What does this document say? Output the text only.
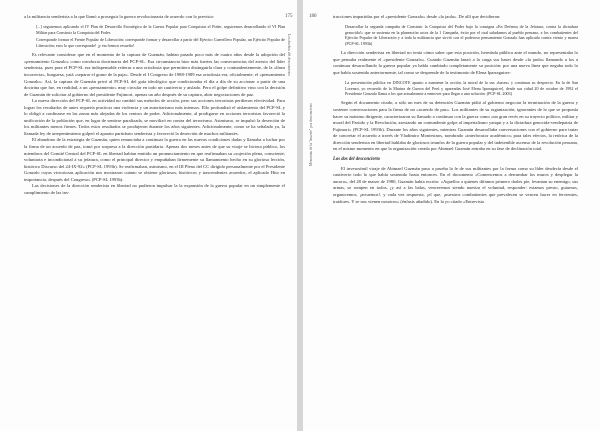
a la militancia senderista a la que llamó a proseguir la guerra revolucionaria de acuerdo con lo previsto:

[...] seguiremos aplicando el IV Plan de Desarrollo Estratégico de la Guerra Popular para Conquistar el Poder, seguiremos desarrollando el VI Plan Militar para Construir la Conquista del Poder.

Corresponde formar el Frente Popular de Liberación; corresponde formar y desarrollar a partir del Ejército Guerrillero Popular, un Ejército Popular de Liberación; esos lo que corresponde! ¡y eso hemos resuelto!

Es relevante considerar que en el momento de la captura de Guzmán, habían pasado poco más de cuatro años desde la adopción del «pensamiento Gonzalo» como ortodoxia doctrinaria del PCP-SL. Esa circunstancia hizo más fuertes las consecuencias del arresto del líder senderista, pues para el PCP-SL era indispensable reiterar a una ortodoxia que permitiera distinguirla clara y contundentemente, de la «línea incorrecta», burguesa, yaiá «separar el grano de la paja». Desde el I Congreso de 1988-1989 esa ortodoxia era, oficialmente, el «pensamiento Gonzalo». Así, la captura de Guzmán privó al PCP-SL del guía ideológico que condicionaba el día a día de su accionar a partir de una doctrina que fue, en realidad, a un «pensamiento» muy circular en todo un cautiverio y aislado. Pero el golpe definitivo vino con la decisión de Guzmán de solicitar al gobierno del presidente Fujimori, apenas un año después de su captura, abrir negociaciones de paz.

La nueva dirección del PCP-SL en actividad no cambió sus métodos de acción, pero sus acciones terroristas perdieron efectividad. Para lograr los resultados de antes requería practicar una violencia y un autoritarismo más intensos. Ello profundizó el aislamiento del PCP-SL y lo obligó a confinarse en las zonas más alejadas de los centros de poder. Adicionalmente, al prodigarse en acciones terroristas favoreció la unificación de la población que, en lugar de sentirse paralizada, se movilizó en contra del terrorismo. Asimismo, se impulsó la deserción de los militantes menos firmes. Todos estos resultados se produjeron durante los años siguientes. Adicionalmente, como se ha señalado ya, la llamada ley de arrepentimiento golpeó el aparato partidario senderista y favoreció la deserción de muchos militantes.

El abandono de la estrategia de Guzmán, quien renunciaba a continuar la guerra en las nuevas condiciones dadas y llamaba a luchar por la firma de un acuerdo de paz, tomó por sorpresa a la dirección partidaria. Apenas dos meses antes de que su viraje se hiciera público, los miembros del Comité Central del PCP-SL en libertad habían emitido un pronunciamiento en que reafirmaban su «sujeción plena, consciente, voluntaria e incondicional a su jefatura, como el principal director y empuñaban firmemente su llamamiento hecho en su gloriosa lección, histórico Discurso del 24-IX-92» (PCP-SL 1993b). Se reafirmaban, asimismo, en el III Pleno del CC dirigido personalmente por el Presidente Gonzalo cuyas victoriosas aplicación nos mostraron cuánto se obtiene gloriosos, históricos y trascendentes acuerdos, el aplicado Hito en importancia, después del Congreso» (PCP-SL 1993b).

Las decisiones de la dirección senderista en libertad no pudieron impulsar la la expansión de la guerra popular en un simplemente el cumplimiento de las ins-

trucciones impartidas por el «presidente Gonzalo» desde «la jaula». De allí que decidieran:

Desarrollar la segunda campaña de Construir la Conquista del Poder bajo la consigna «En Defensa de la Jefatura, contra la dictadura genocida!» que se sustenta en la planeación actos de la 1 Campaña, éxito por el cual saludamos al pueblo peruano, a los combatientes del Ejército Popular de Liberación y a toda la militancia que sirvió con el poderoso pensamiento Gonzalo han aplicado contra viento y marea (PCP-SL 1993b)

La dirección senderista en libertad no tenía cómo saber que esta posición, heredada pública ante el mundo, no representaba lo que pensaba realmente el «presidente Gonzalo». Cuando Guzmán lanzó a la carga sus bases desde «la jaula» llamando a los a continuar desarrollando la guerra popular ya habla cambiado completamente su posición: por una nueva línea que negaba todo lo que había sostenido anteriormente, tal como se desprende de la testimonio de Elena Iparraguirre:

La presentación pública en DINCOTE apunto a mantener la acción, la moral de la sus «bases» y continuar su desprecio. En la de San Lorenzo, yo recuerdo de la Marina de Guerra del Perú y apareadas José Elena Iparraguirre], desde sus cidad 20 de octubre de 1992 el Presidente Gonzalo llama a los que actualmente a enmover para llegar a una solución. (PCP-SL 2003)

Según el documento citado, a sólo un mes de su detención Guzmán pidió al gobierno negociar la terminación de la guerra y sostener conversaciones para la firma de un «acuerdo de paz». Los militantes de su organización, ignorantes de lo que se proponía hacer su máximo dirigente, caracterizaron su llamado a continuar con la guerra como «un gran revés en su trayecto político, militar y moral del Partido y la Revolución, asestando un contundente golpe al imperialismo yanqui y a la dictadura genocida-vendepatria de Fujimori» (PCP-SL 1993b). Durante los años siguientes, mientras Guzmán desarrollaba conversaciones con el gobierno para tratar de concretar el acuerdo a través de Vladimiro Montesinos, nombrado «interlocutor académico» para tales efectos, la retórica de la dirección senderista en libertad hablaba de gloriosos triunfos de la guerra popular y del indetenible ascenso de la revolución peruana, en el mismo momento en que la organización creada por Abimael Guzmán entraba en su fase de declinación total.

Los dos del desconcierto

El inverosímil viraje de Abimael Guzmán puso a prueba la fe de sus militantes por la forma como su líder desdecía desde el cautiverio todo lo que había sostenido hasta entonces. En el documento «Comencemos a derrumbar los muros y desplegar la aurora», del 28 de marzo de 1980, Guzmán había escrito: «Aquellos a quienes difamos primero darles pie, levantan su enemigo, sus armas, se rompen en todos, ¡y así a las balas, venceremos siendo nuestra el voluntad, responder: estamos presto, guiarnos, organicemos, ¡actuemos!, y cada vez respuesta, ¡el que, ¡nuestros combatientes que prevalecen se vencen hacer en fervientes, traidores. Y se nos vienen nosotros» (énfasis añadido). En la yo citado «Entrevista

175	180
Los dueños del desconcierto
Memorias de la "muerte" por desconcierto
